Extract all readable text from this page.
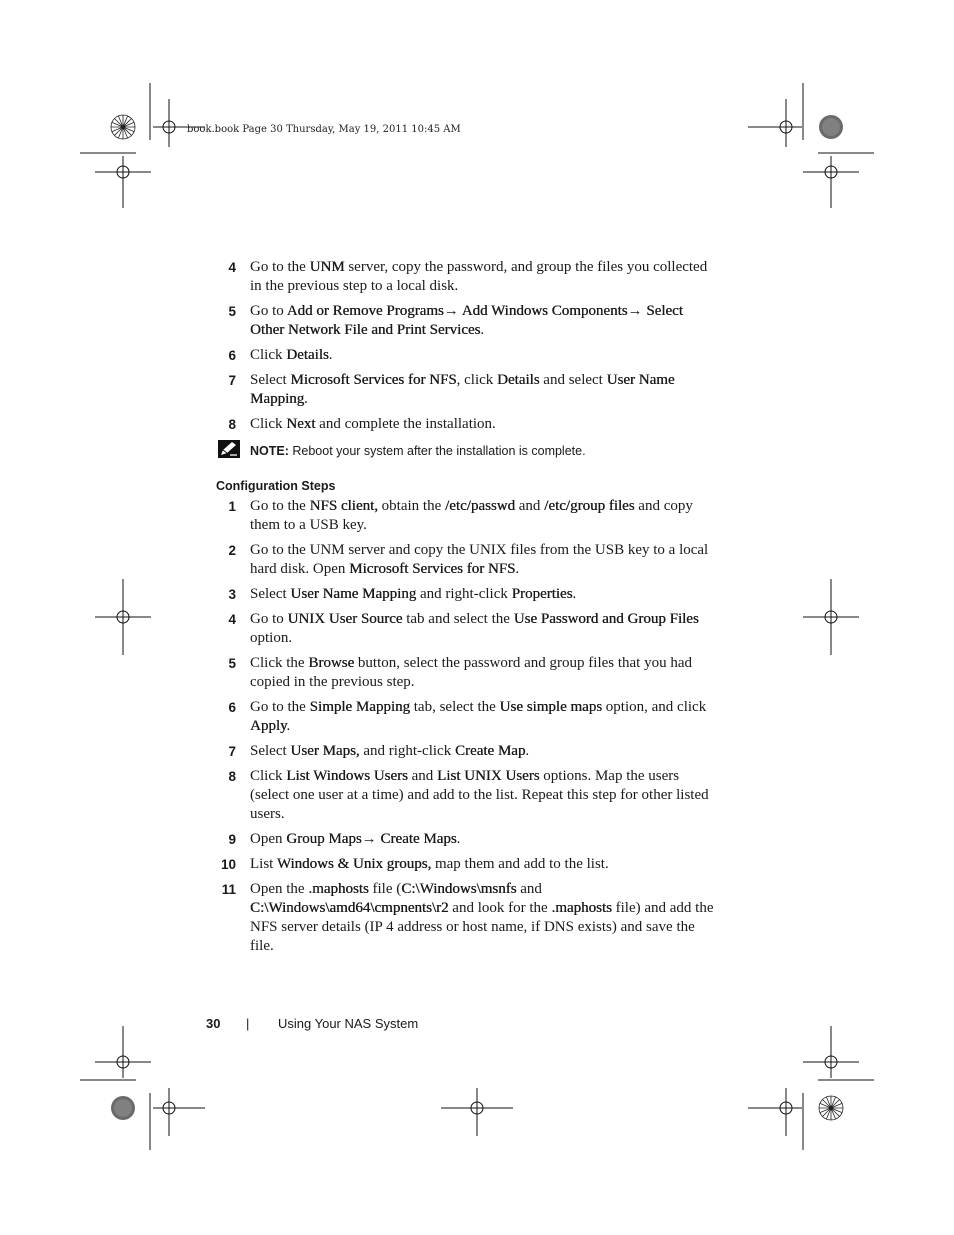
book.book Page 30 Thursday, May 19, 2011 10:45 AM
4 Go to the UNM server, copy the password, and group the files you collected in the previous step to a local disk.
5 Go to Add or Remove Programs→ Add Windows Components→ Select Other Network File and Print Services.
6 Click Details.
7 Select Microsoft Services for NFS, click Details and select User Name Mapping.
8 Click Next and complete the installation.
NOTE: Reboot your system after the installation is complete.
Configuration Steps
1 Go to the NFS client, obtain the /etc/passwd and /etc/group files and copy them to a USB key.
2 Go to the UNM server and copy the UNIX files from the USB key to a local hard disk. Open Microsoft Services for NFS.
3 Select User Name Mapping and right-click Properties.
4 Go to UNIX User Source tab and select the Use Password and Group Files option.
5 Click the Browse button, select the password and group files that you had copied in the previous step.
6 Go to the Simple Mapping tab, select the Use simple maps option, and click Apply.
7 Select User Maps, and right-click Create Map.
8 Click List Windows Users and List UNIX Users options. Map the users (select one user at a time) and add to the list. Repeat this step for other listed users.
9 Open Group Maps→ Create Maps.
10 List Windows & Unix groups, map them and add to the list.
11 Open the .maphosts file (C:\Windows\msnfs and C:\Windows\amd64\cmpnents\r2 and look for the .maphosts file) and add the NFS server details (IP 4 address or host name, if DNS exists) and save the file.
30 | Using Your NAS System
